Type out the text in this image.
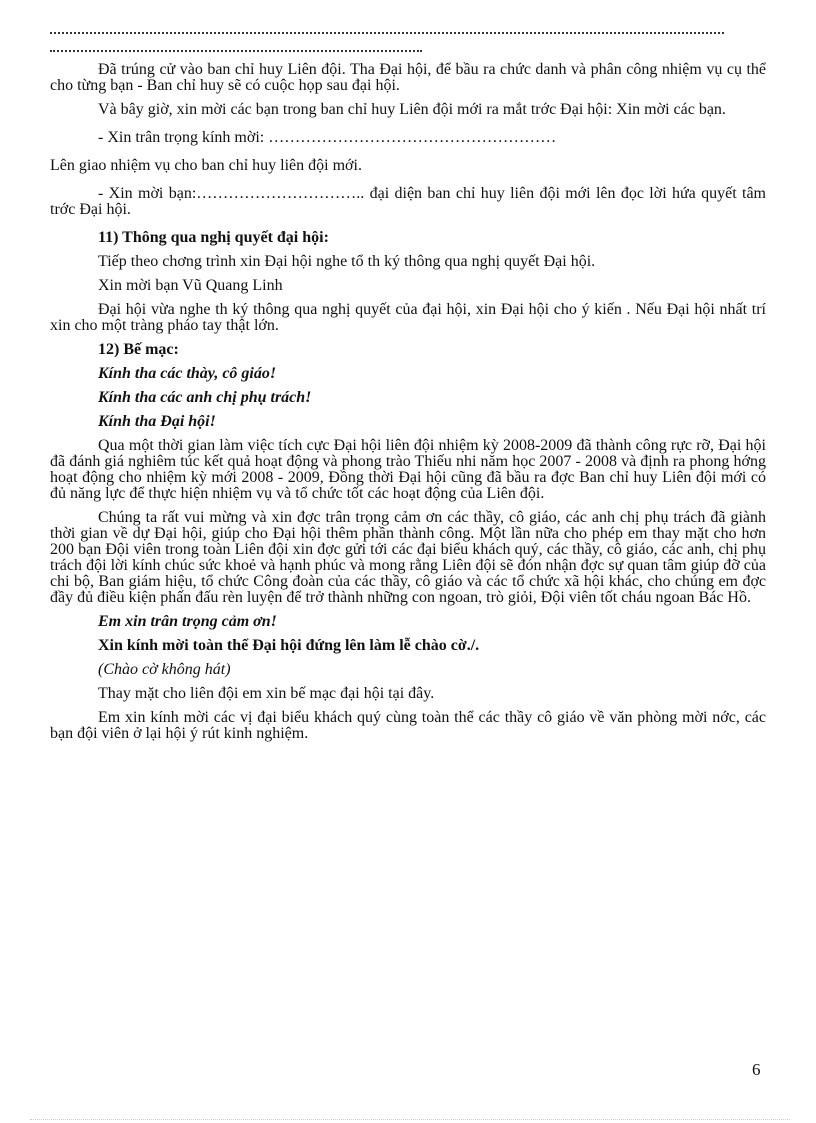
Đã trúng cử vào ban chỉ huy Liên đội. Tha Đại hội, để bầu ra chức danh và phân công nhiệm vụ cụ thể cho từng bạn - Ban chỉ huy sẽ có cuộc họp sau đại hội.

Và bây giờ, xin mời các bạn trong ban chỉ huy Liên đội mới ra mắt trớc Đại hội: Xin mời các bạn.

- Xin trân trọng kính mời: ………………………………………………

Lên giao nhiệm vụ cho ban chỉ huy liên đội mới.

- Xin mời bạn:………………………….. đại diện ban chỉ huy liên đội mới lên đọc lời hứa quyết tâm trớc Đại hội.

11) Thông qua nghị quyết đại hội:

Tiếp theo chơng trình xin Đại hội nghe tổ th ký thông qua nghị quyết Đại hội.

Xin mời bạn Vũ Quang Linh

Đại hội vừa nghe th ký thông qua nghị quyết của đại hội, xin Đại hội cho ý kiến . Nếu Đại hội nhất trí xin cho một tràng pháo tay thật lớn.

12) Bế mạc:

Kính tha các thày, cô giáo!

Kính tha các anh chị phụ trách!

Kính tha Đại hội!

Qua một thời gian làm việc tích cực Đại hội liên đội nhiệm kỳ 2008-2009 đã thành công rực rỡ, Đại hội đã đánh giá nghiêm túc kết quả hoạt động và phong trào Thiếu nhi năm học 2007 - 2008 và định ra phong hớng hoạt động cho nhiệm kỳ mới 2008 - 2009, Đồng thời Đại hội cũng đã bầu ra đợc Ban chỉ huy Liên đội mới có đủ năng lực để thực hiện nhiệm vụ và tổ chức tốt các hoạt động của Liên đội.

Chúng ta rất vui mừng và xin đợc trân trọng cảm ơn các thầy, cô giáo, các anh chị phụ trách đã giành thời gian về dự Đại hội, giúp cho Đại hội thêm phần thành công. Một lần nữa cho phép em thay mặt cho hơn 200 bạn Đội viên trong toàn Liên đội xin đợc gửi tới các đại biểu khách quý, các thầy, cô giáo, các anh, chị phụ trách đội lời kính chúc sức khoẻ và hạnh phúc và mong rằng Liên đội sẽ đón nhận đợc sự quan tâm giúp đỡ của chi bộ, Ban giám hiệu, tổ chức Công đoàn của các thầy, cô giáo và các tổ chức xã hội khác, cho chúng em đợc đầy đủ điều kiện phấn đấu rèn luyện để trở thành những con ngoan, trò giỏi, Đội viên tốt cháu ngoan Bác Hồ.

Em xin trân trọng cảm ơn!

Xin kính mời toàn thể Đại hội đứng lên làm lễ chào cờ./.

(Chào cờ không hát)

Thay mặt cho liên đội em xin bế mạc đại hội tại đây.

Em xin kính mời các vị đại biểu khách quý cùng toàn thể các thầy cô giáo về văn phòng mời nớc, các bạn đội viên ở lại hội ý rút kinh nghiệm.

6
